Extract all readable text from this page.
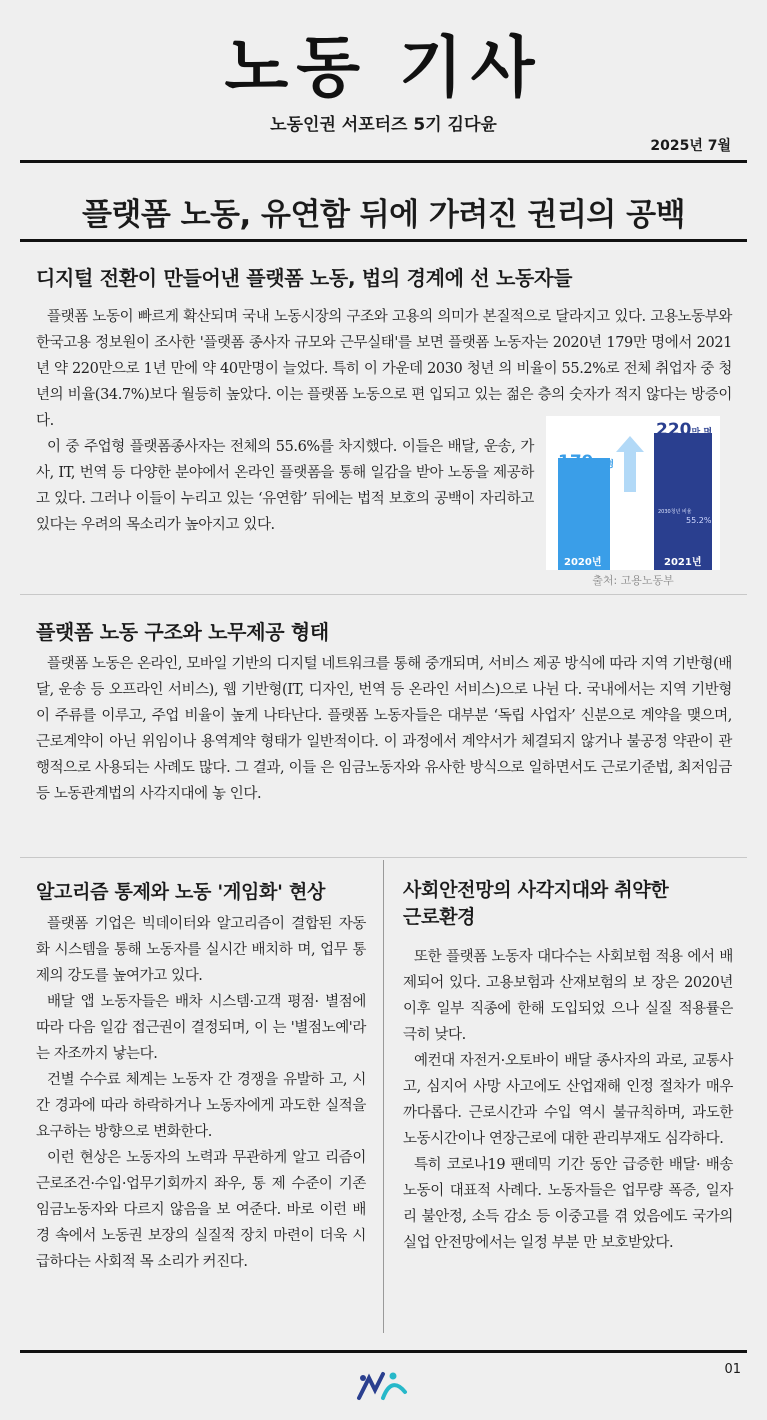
노동 기사
노동인권 서포터즈 5기 김다윤
2025년 7월
플랫폼 노동, 유연함 뒤에 가려진 권리의 공백
디지털 전환이 만들어낸 플랫폼 노동, 법의 경계에 선 노동자들

플랫폼 노동이 빠르게 확산되며 국내 노동시장의 구조와 고용의 의미가 본질적으로 달라지고 있다. 고용노동부와 한국고용 정보원이 조사한 '플랫폼 종사자 규모와 근무실태'를 보면 플랫폼 노동자는 2020년 179만 명에서 2021년 약 220만으로 1년 만에 약 40만명이 늘었다. 특히 이 가운데 2030 청년 의 비율이 55.2%로 전체 취업자 중 청년의 비율(34.7%)보다 월등히 높았다. 이는 플랫폼 노동으로 편 입되고 있는 젊은 층의 숫자가 적지 않다는 방증이다.

이 중 주업형 플랫폼종사자는 전체의 55.6%를 차지했다. 이들은 배달, 운송, 가사, IT, 번역 등 다양한 분야에서 온라인 플랫폼을 통해 일감을 받아 노동을 제공하고 있다. 그러나 이들이 누리고 있는 ‘유연함’ 뒤에는 법적 보호의 공백이 자리하고 있다는 우려의 목소리가 높아지고 있다.

179만 명
220만 명
2030청년 비율
55.2%
2020년	2021년
출처: 고용노동부
플랫폼 노동 구조와 노무제공 형태

플랫폼 노동은 온라인, 모바일 기반의 디지털 네트워크를 통해 중개되며, 서비스 제공 방식에 따라 지역 기반형(배달, 운송 등 오프라인 서비스), 웹 기반형(IT, 디자인, 번역 등 온라인 서비스)으로 나뉜 다. 국내에서는 지역 기반형이 주류를 이루고, 주업 비율이 높게 나타난다. 플랫폼 노동자들은 대부분 ‘독립 사업자’ 신분으로 계약을 맺으며, 근로계약이 아닌 위임이나 용역계약 형태가 일반적이다. 이 과정에서 계약서가 체결되지 않거나 불공정 약관이 관행적으로 사용되는 사례도 많다. 그 결과, 이들 은 임금노동자와 유사한 방식으로 일하면서도 근로기준법, 최저임금 등 노동관계법의 사각지대에 놓 인다.

알고리즘 통제와 노동 '게임화' 현상

플랫폼 기업은 빅데이터와 알고리즘이 결합된 자동화 시스템을 통해 노동자를 실시간 배치하 며, 업무 통제의 강도를 높여가고 있다.

배달 앱 노동자들은 배차 시스템·고객 평점· 별점에 따라 다음 일감 접근권이 결정되며, 이 는 '별점노예'라는 자조까지 낳는다.

건별 수수료 체계는 노동자 간 경쟁을 유발하 고, 시간 경과에 따라 하락하거나 노동자에게 과도한 실적을 요구하는 방향으로 변화한다.

이런 현상은 노동자의 노력과 무관하게 알고 리즘이 근로조건·수입·업무기회까지 좌우, 통 제 수준이 기존 임금노동자와 다르지 않음을 보 여준다. 바로 이런 배경 속에서 노동권 보장의 실질적 장치 마련이 더욱 시급하다는 사회적 목 소리가 커진다.

사회안전망의 사각지대와 취약한
근로환경

또한 플랫폼 노동자 대다수는 사회보험 적용 에서 배제되어 있다. 고용보험과 산재보험의 보 장은 2020년 이후 일부 직종에 한해 도입되었 으나 실질 적용률은 극히 낮다.

예컨대 자전거·오토바이 배달 종사자의 과로, 교통사고, 심지어 사망 사고에도 산업재해 인정 절차가 매우 까다롭다. 근로시간과 수입 역시 불규칙하며, 과도한 노동시간이나 연장근로에 대한 관리부재도 심각하다.

특히 코로나19 팬데믹 기간 동안 급증한 배달· 배송 노동이 대표적 사례다. 노동자들은 업무량 폭증, 일자리 불안정, 소득 감소 등 이중고를 겪 었음에도 국가의 실업 안전망에서는 일정 부분 만 보호받았다.

01
